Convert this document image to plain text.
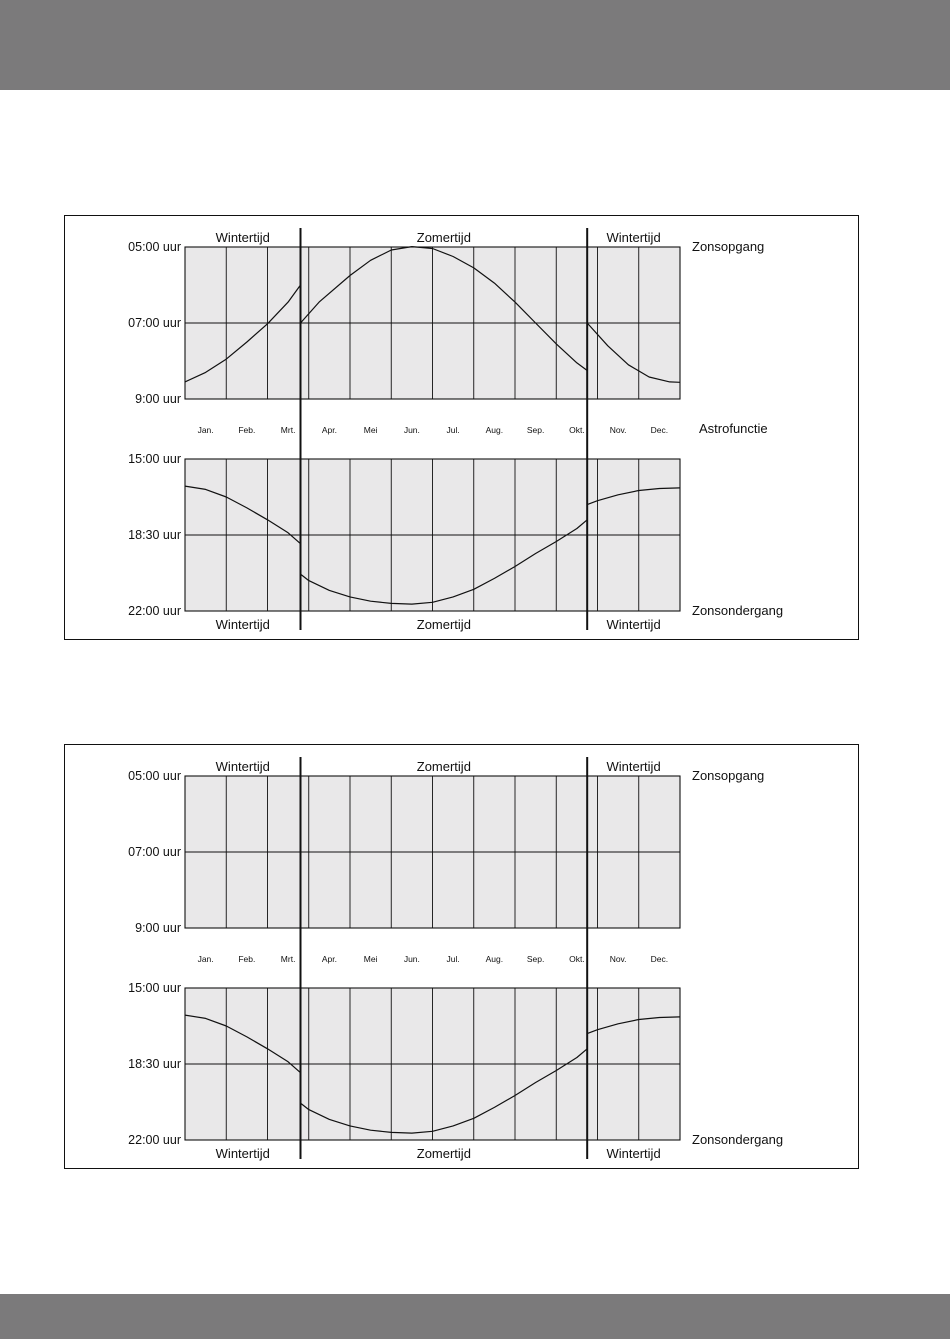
05:00 uur
07:00 uur
9:00 uur
15:00 uur
18:30 uur
22:00 uur
Jan.	Feb.	Mrt.	Apr.	Mei	Jun.	Jul.	Aug.	Sep.	Okt.	Nov.	Dec.
Wintertijd	Zomertijd	Wintertijd
Wintertijd	Zomertijd	Wintertijd
Zonsopgang
Zonsondergang
Astrofunctie
05:00 uur
07:00 uur
9:00 uur
15:00 uur
18:30 uur
22:00 uur
Jan.	Feb.	Mrt.	Apr.	Mei	Jun.	Jul.	Aug.	Sep.	Okt.	Nov.	Dec.
Wintertijd	Zomertijd	Wintertijd
Wintertijd	Zomertijd	Wintertijd
Zonsopgang
Zonsondergang
